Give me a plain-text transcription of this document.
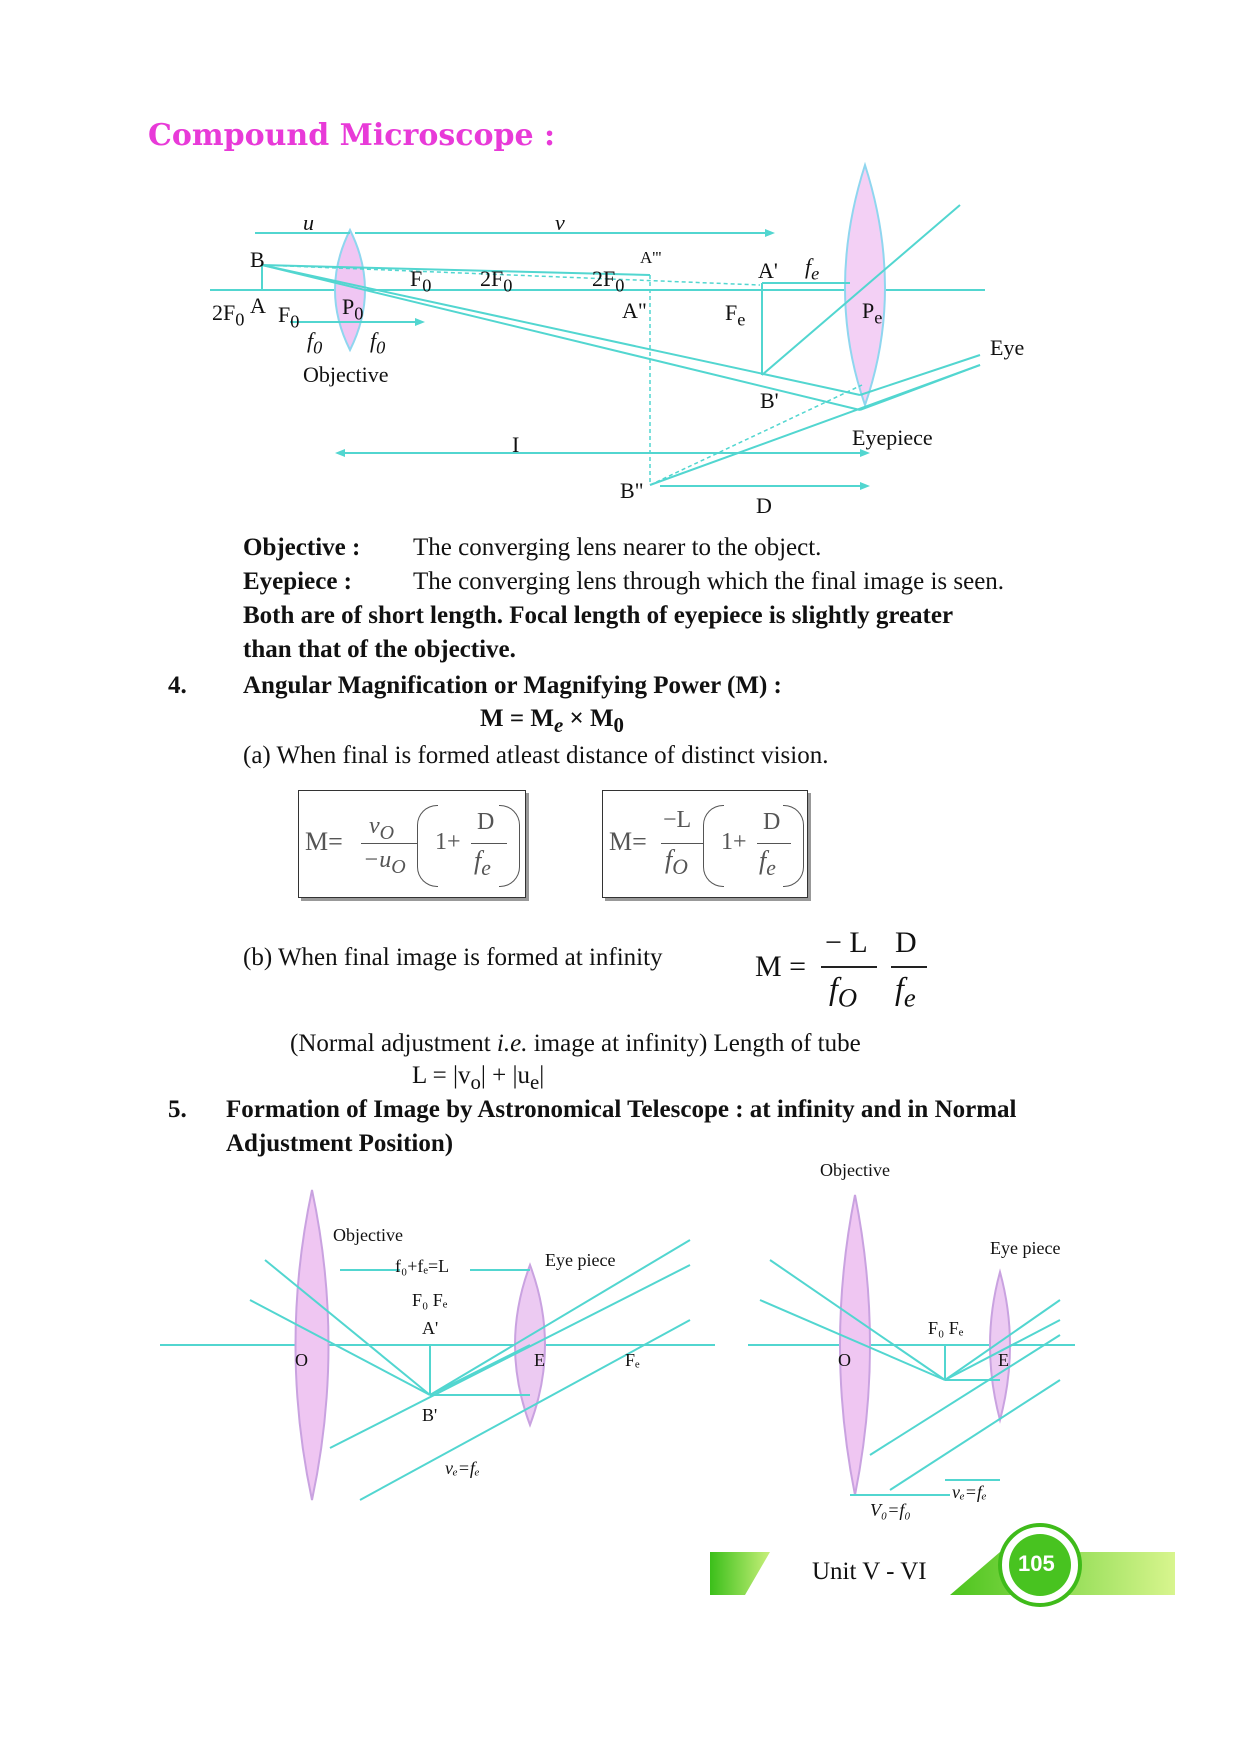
Compound Microscope :
u	v
B
$2F_0$
A $F_0$
$P_0$
$F_0$ $2F_0$	$2F_0$
A'''
A"
A' $f_e$
$F_e$	$P_e$
$f_0$ $f_0$
Objective
Eye
B'
Eyepiece
I
B"
D
Objective : The converging lens nearer to the object.
Eyepiece : The converging lens through which the final image is seen.
Both are of short length. Focal length of eyepiece is slightly greater
than that of the objective.
4. Angular Magnification or Magnifying Power (M) :
$M = M_e \times M_0$
(a) When final is formed atleast distance of distinct vision.
M=
$v_O$
$-u_O$
1+
D
$f_e$
M=
−L
$f_O$
1+
D
$f_e$
(b) When final image is formed at infinity	M =
− L
$f_O$
D
$f_e$
(Normal adjustment i.e. image at infinity) Length of tube
$L = |v_o| + |u_e|$
5. Formation of Image by Astronomical Telescope : at infinity and in Normal
Adjustment Position)
Objective
f₀+fₑ=L	Eye piece
F₀ Fₑ
A'
O	E	Fₑ
B'
vₑ=fₑ
Objective
Eye piece
F₀ Fₑ
O	E
V₀=f₀
vₑ=fₑ
Unit V - VI	105
